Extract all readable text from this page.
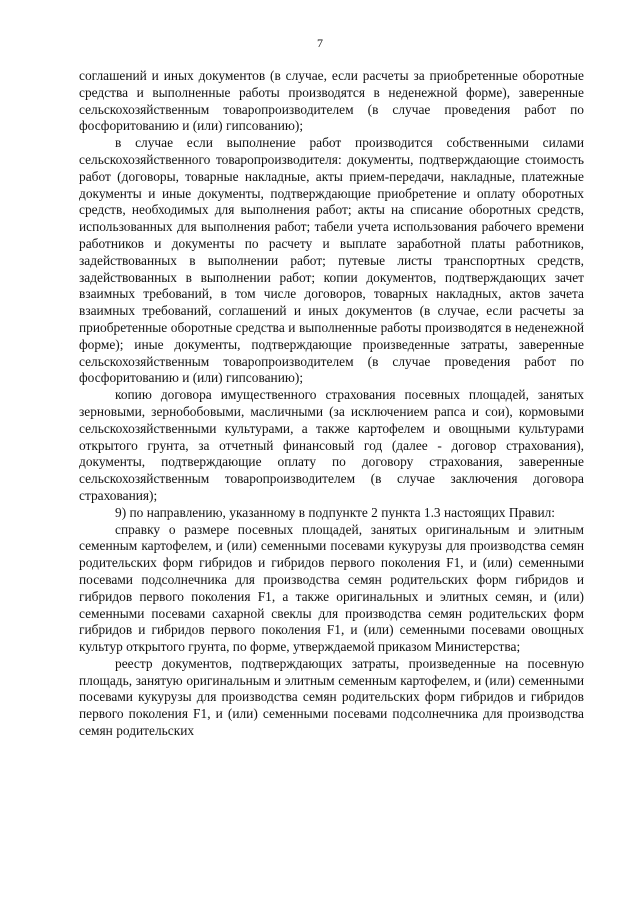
7

соглашений и иных документов (в случае, если расчеты за приобретенные оборотные средства и выполненные работы производятся в неденежной форме), заверенные сельскохозяйственным товаропроизводителем (в случае проведения работ по фосфоритованию и (или) гипсованию);

в случае если выполнение работ производится собственными силами сельскохозяйственного товаропроизводителя: документы, подтверждающие стоимость работ (договоры, товарные накладные, акты прием-передачи, накладные, платежные документы и иные документы, подтверждающие приобретение и оплату оборотных средств, необходимых для выполнения работ; акты на списание оборотных средств, использованных для выполнения работ; табели учета использования рабочего времени работников и документы по расчету и выплате заработной платы работников, задействованных в выполнении работ; путевые листы транспортных средств, задействованных в выполнении работ; копии документов, подтверждающих зачет взаимных требований, в том числе договоров, товарных накладных, актов зачета взаимных требований, соглашений и иных документов (в случае, если расчеты за приобретенные оборотные средства и выполненные работы производятся в неденежной форме); иные документы, подтверждающие произведенные затраты, заверенные сельскохозяйственным товаропроизводителем (в случае проведения работ по фосфоритованию и (или) гипсованию);

копию договора имущественного страхования посевных площадей, занятых зерновыми, зернобобовыми, масличными (за исключением рапса и сои), кормовыми сельскохозяйственными культурами, а также картофелем и овощными культурами открытого грунта, за отчетный финансовый год (далее - договор страхования), документы, подтверждающие оплату по договору страхования, заверенные сельскохозяйственным товаропроизводителем (в случае заключения договора страхования);

9) по направлению, указанному в подпункте 2 пункта 1.3 настоящих Правил:

справку о размере посевных площадей, занятых оригинальным и элитным семенным картофелем, и (или) семенными посевами кукурузы для производства семян родительских форм гибридов и гибридов первого поколения F1, и (или) семенными посевами подсолнечника для производства семян родительских форм гибридов и гибридов первого поколения F1, а также оригинальных и элитных семян, и (или) семенными посевами сахарной свеклы для производства семян родительских форм гибридов и гибридов первого поколения F1, и (или) семенными посевами овощных культур открытого грунта, по форме, утверждаемой приказом Министерства;

реестр документов, подтверждающих затраты, произведенные на посевную площадь, занятую оригинальным и элитным семенным картофелем, и (или) семенными посевами кукурузы для производства семян родительских форм гибридов и гибридов первого поколения F1, и (или) семенными посевами подсолнечника для производства семян родительских
